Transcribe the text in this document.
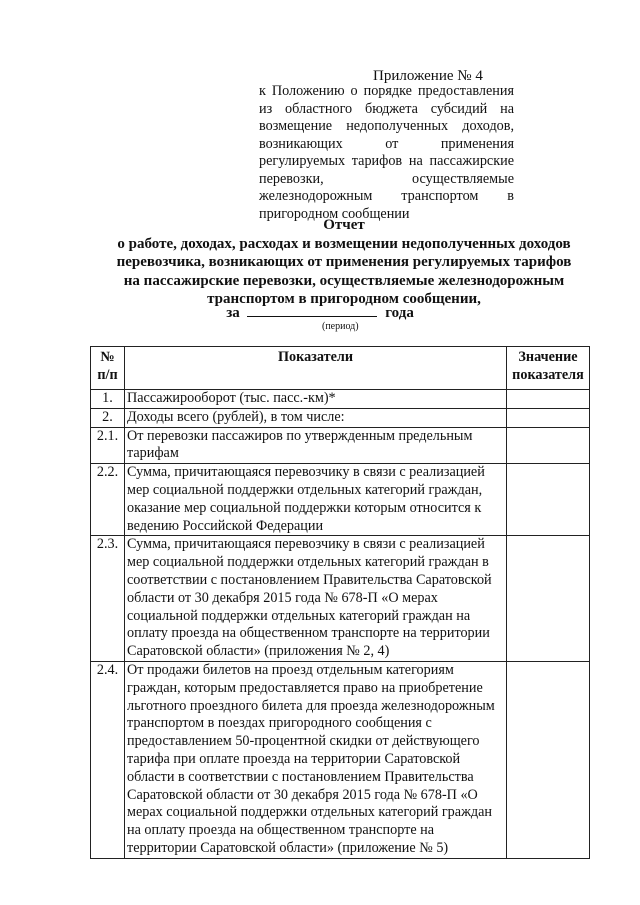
Приложение № 4
к Положению о порядке предоставления из областного бюджета субсидий на возмещение недополученных доходов, возникающих от применения регулируемых тарифов на пассажирские перевозки,	осуществляемые железнодорожным транспортом в пригородном сообщении
Отчет
о работе, доходах, расходах и возмещении недополученных доходов
перевозчика, возникающих от применения регулируемых тарифов
на пассажирские перевозки, осуществляемые железнодорожным
транспортом в пригородном сообщении,
за	года
(период)
№ п/п	Показатели	Значение показателя
1.	Пассажирооборот (тыс. пасс.-км)*	
2.	Доходы всего (рублей), в том числе:	
2.1.	От перевозки пассажиров по утвержденным предельным тарифам	
2.2.	Сумма, причитающаяся перевозчику в связи с реализацией мер социальной поддержки отдельных категорий граждан, оказание мер социальной поддержки которым относится к ведению Российской Федерации	
2.3.	Сумма, причитающаяся перевозчику в связи с реализацией мер социальной поддержки отдельных категорий граждан в соответствии с постановлением Правительства Саратовской области от 30 декабря 2015 года № 678-П «О мерах социальной поддержки отдельных категорий граждан на оплату проезда на общественном транспорте на территории Саратовской области» (приложения № 2, 4)	
2.4.	От продажи билетов на проезд отдельным категориям граждан, которым предоставляется право на приобретение льготного проездного билета для проезда железнодорожным транспортом в поездах пригородного сообщения с предоставлением 50-процентной скидки от действующего тарифа при оплате проезда на территории Саратовской области в соответствии с постановлением Правительства Саратовской области от 30 декабря 2015 года № 678-П «О мерах социальной поддержки отдельных категорий граждан на оплату проезда на общественном транспорте на территории Саратовской области» (приложение № 5)	
